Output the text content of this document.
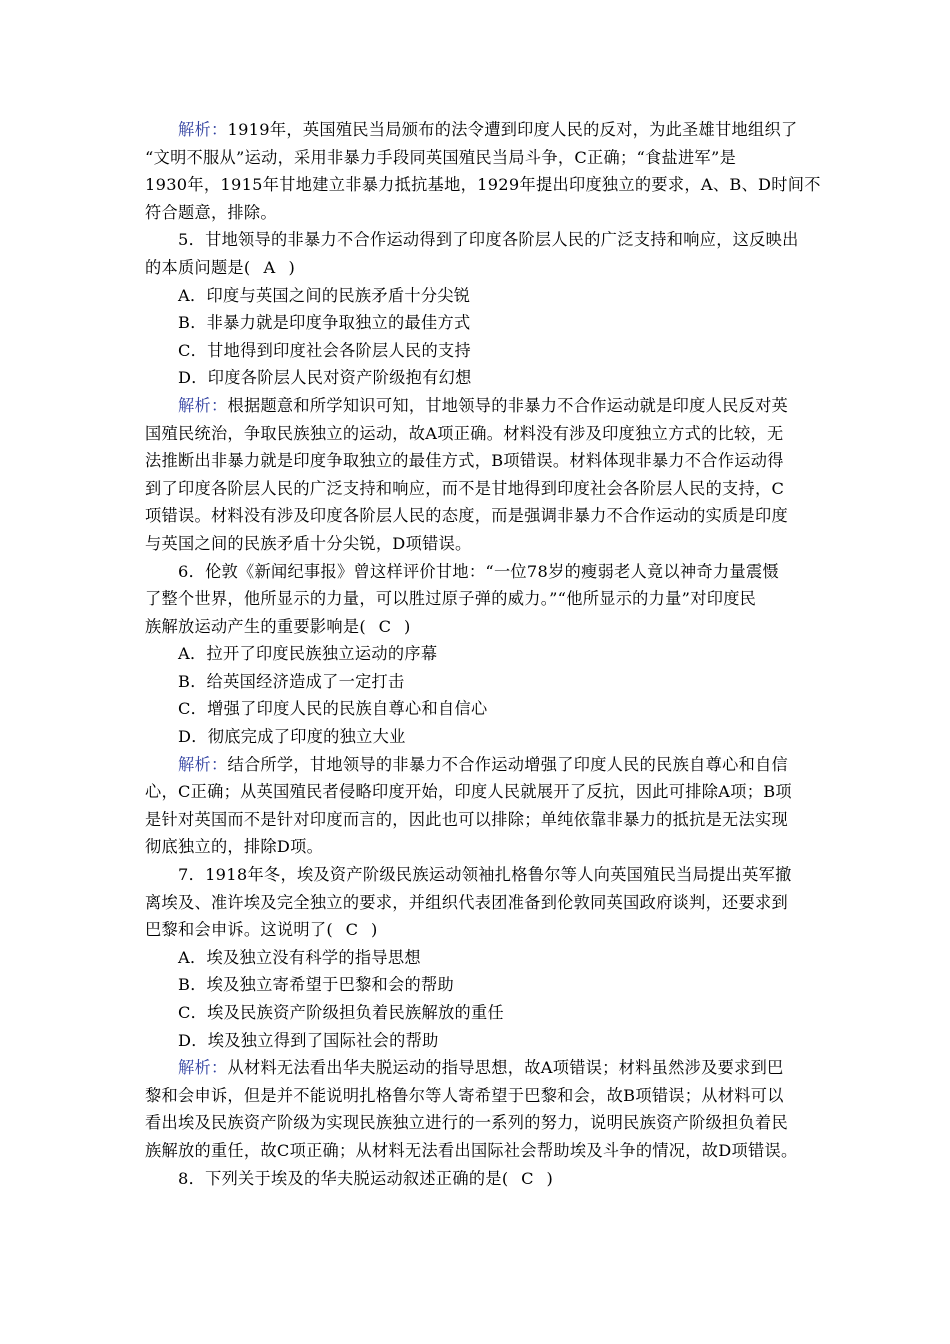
解析：1919年，英国殖民当局颁布的法令遭到印度人民的反对，为此圣雄甘地组织了
“文明不服从”运动，采用非暴力手段同英国殖民当局斗争，C正确；“食盐进军”是
1930年，1915年甘地建立非暴力抵抗基地，1929年提出印度独立的要求，A、B、D时间不
符合题意，排除。
5．甘地领导的非暴力不合作运动得到了印度各阶层人民的广泛支持和响应，这反映出
的本质问题是( A )
A．印度与英国之间的民族矛盾十分尖锐
B．非暴力就是印度争取独立的最佳方式
C．甘地得到印度社会各阶层人民的支持
D．印度各阶层人民对资产阶级抱有幻想
解析：根据题意和所学知识可知，甘地领导的非暴力不合作运动就是印度人民反对英
国殖民统治，争取民族独立的运动，故A项正确。材料没有涉及印度独立方式的比较，无
法推断出非暴力就是印度争取独立的最佳方式，B项错误。材料体现非暴力不合作运动得
到了印度各阶层人民的广泛支持和响应，而不是甘地得到印度社会各阶层人民的支持，C
项错误。材料没有涉及印度各阶层人民的态度，而是强调非暴力不合作运动的实质是印度
与英国之间的民族矛盾十分尖锐，D项错误。
6．伦敦《新闻纪事报》曾这样评价甘地：“一位78岁的瘦弱老人竟以神奇力量震慑
了整个世界，他所显示的力量，可以胜过原子弹的威力。”“他所显示的力量”对印度民
族解放运动产生的重要影响是( C )
A．拉开了印度民族独立运动的序幕
B．给英国经济造成了一定打击
C．增强了印度人民的民族自尊心和自信心
D．彻底完成了印度的独立大业
解析：结合所学，甘地领导的非暴力不合作运动增强了印度人民的民族自尊心和自信
心，C正确；从英国殖民者侵略印度开始，印度人民就展开了反抗，因此可排除A项；B项
是针对英国而不是针对印度而言的，因此也可以排除；单纯依靠非暴力的抵抗是无法实现
彻底独立的，排除D项。
7．1918年冬，埃及资产阶级民族运动领袖扎格鲁尔等人向英国殖民当局提出英军撤
离埃及、准许埃及完全独立的要求，并组织代表团准备到伦敦同英国政府谈判，还要求到
巴黎和会申诉。这说明了( C )
A．埃及独立没有科学的指导思想
B．埃及独立寄希望于巴黎和会的帮助
C．埃及民族资产阶级担负着民族解放的重任
D．埃及独立得到了国际社会的帮助
解析：从材料无法看出华夫脱运动的指导思想，故A项错误；材料虽然涉及要求到巴
黎和会申诉，但是并不能说明扎格鲁尔等人寄希望于巴黎和会，故B项错误；从材料可以
看出埃及民族资产阶级为实现民族独立进行的一系列的努力，说明民族资产阶级担负着民
族解放的重任，故C项正确；从材料无法看出国际社会帮助埃及斗争的情况，故D项错误。
8．下列关于埃及的华夫脱运动叙述正确的是( C )
